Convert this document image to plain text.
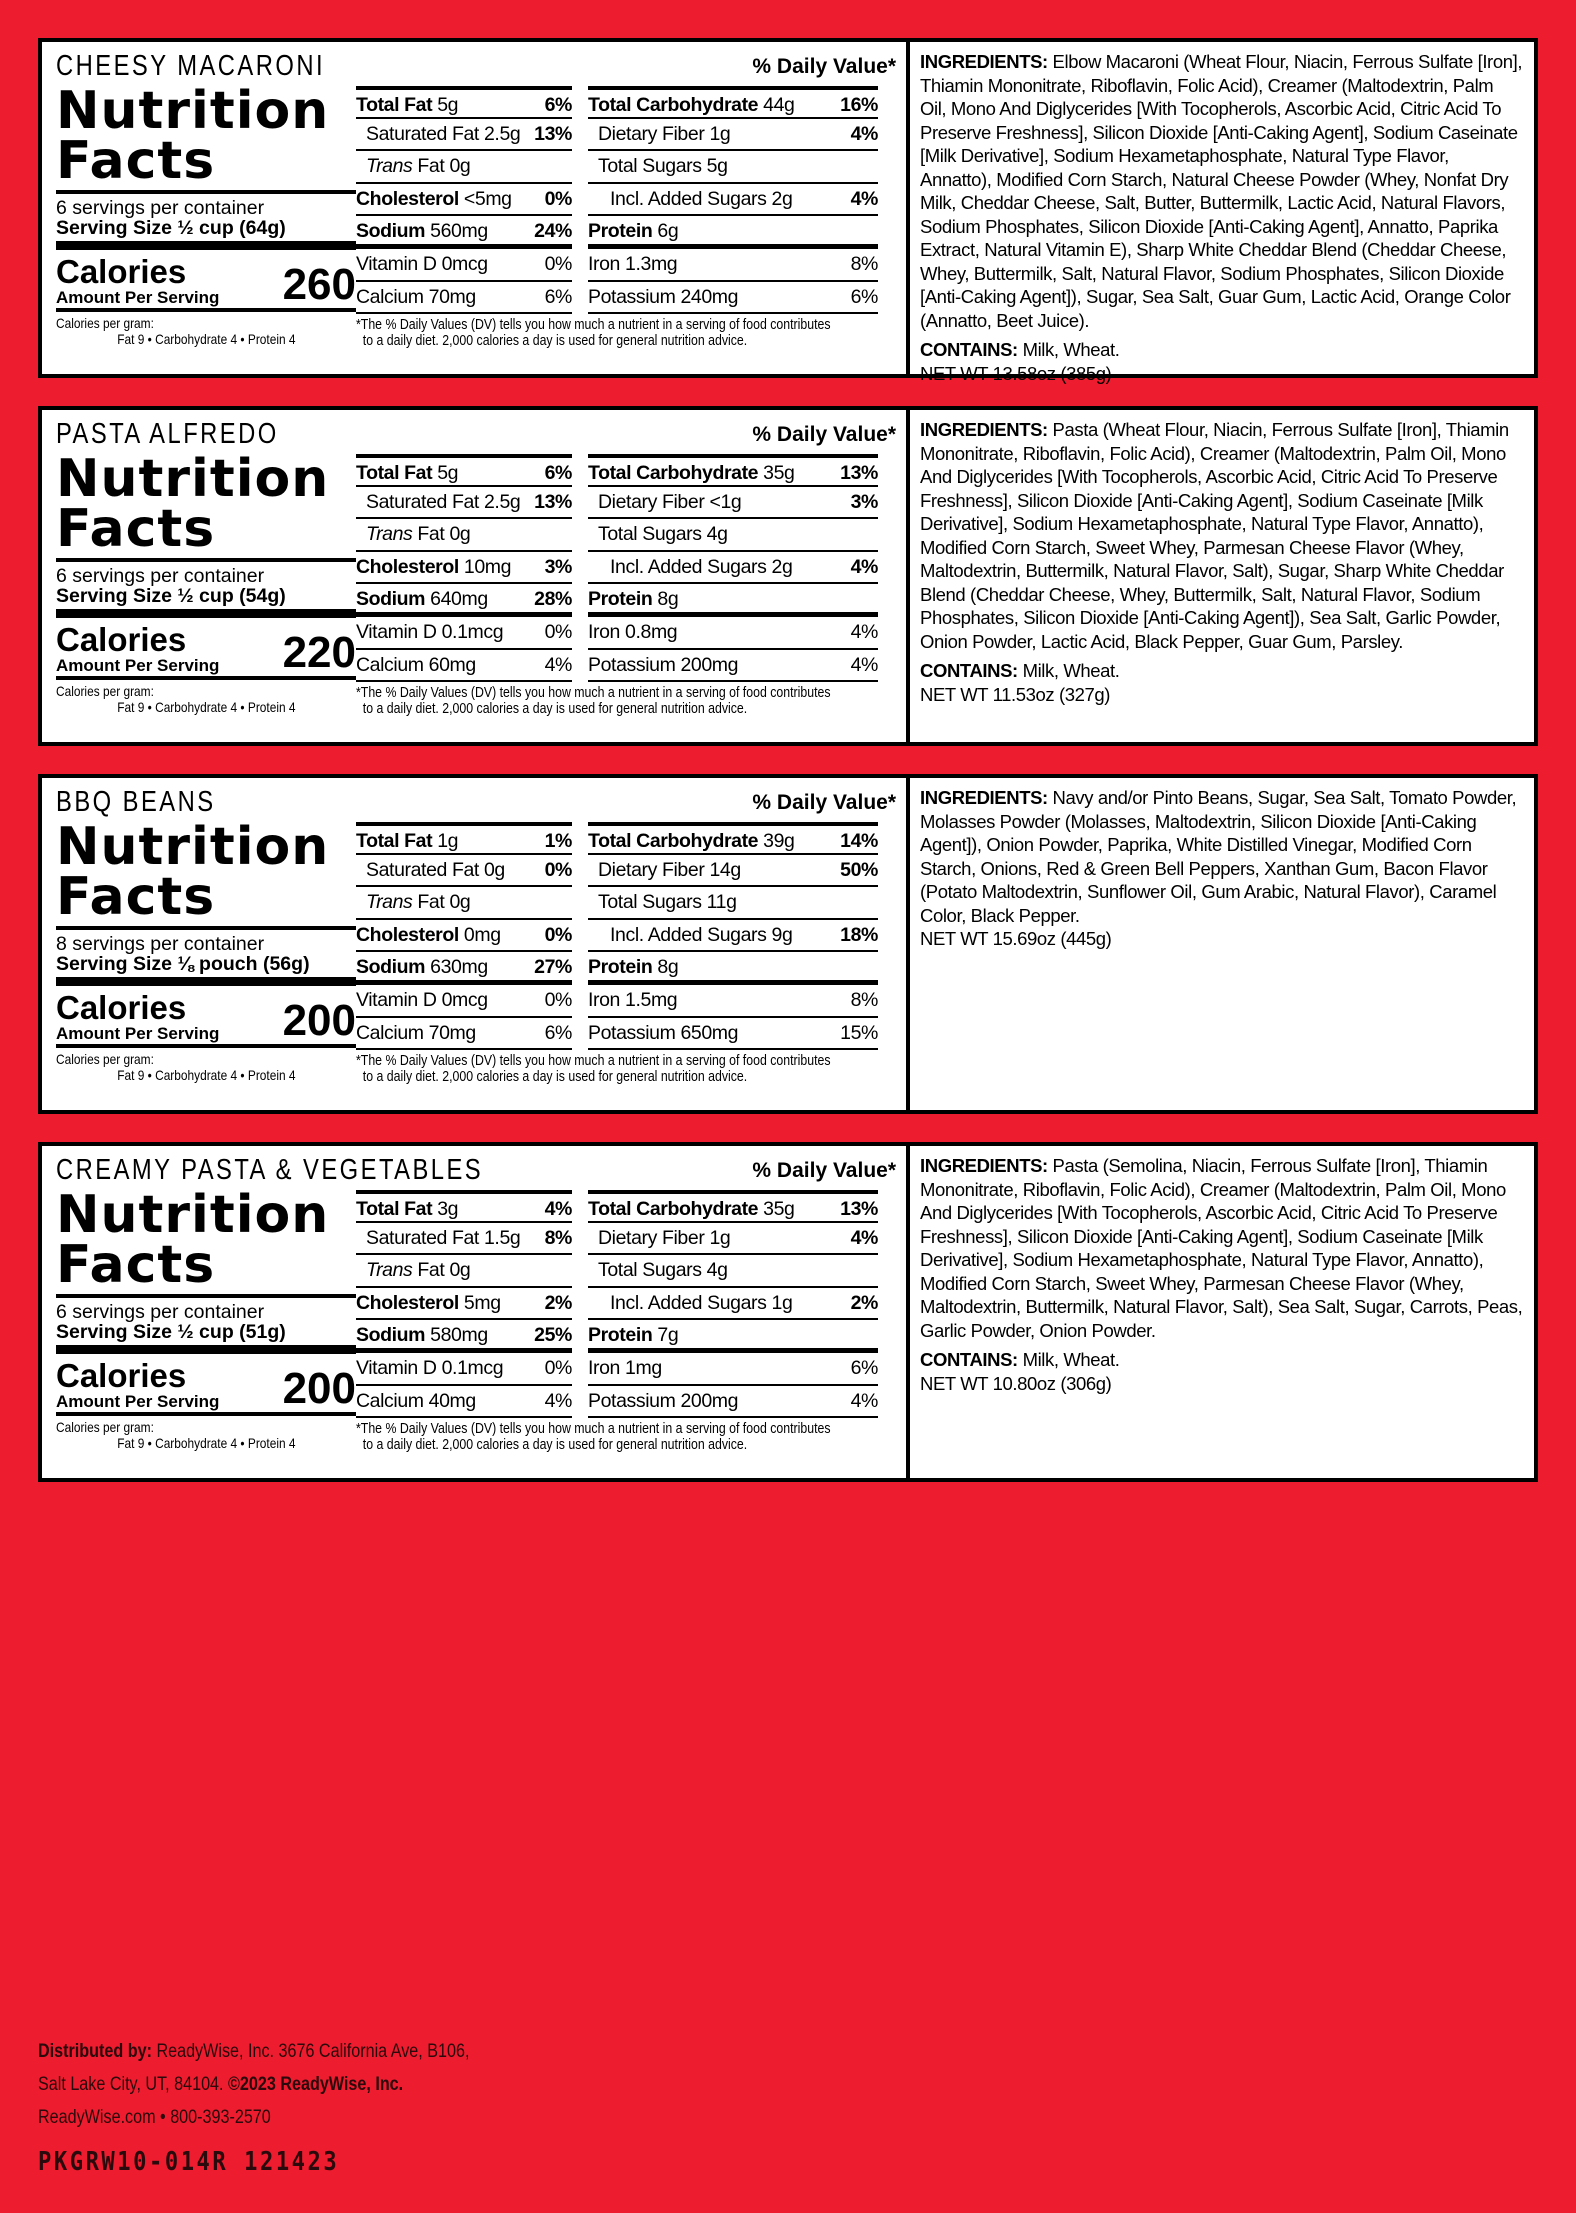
CHEESY MACARONI	% Daily Value*
Nutrition
Facts
6 servings per container
Serving Size ½ cup (64g)
Calories
Amount Per Serving 260
Calories per gram:
Fat 9 • Carbohydrate 4 • Protein 4
Total Fat 5g	6%
Saturated Fat 2.5g 13%
Trans Fat 0g
Cholesterol <5mg 0%
Sodium 560mg 24%
Vitamin D 0mcg	0%
Calcium 70mg	6%
Total Carbohydrate 44g 16%
Dietary Fiber 1g	4%
Total Sugars 5g
Incl. Added Sugars 2g	4%
Protein 6g
Iron 1.3mg	8%
Potassium 240mg	6%
*The % Daily Values (DV) tells you how much a nutrient in a serving of food contributes
to a daily diet. 2,000 calories a day is used for general nutrition advice.

INGREDIENTS: Elbow Macaroni (Wheat Flour, Niacin, Ferrous Sulfate [Iron], Thiamin Mononitrate, Riboflavin, Folic Acid), Creamer (Maltodextrin, Palm Oil, Mono And Diglycerides [With Tocopherols, Ascorbic Acid, Citric Acid To Preserve Freshness], Silicon Dioxide [Anti-Caking Agent], Sodium Caseinate [Milk Derivative], Sodium Hexametaphosphate, Natural Type Flavor, Annatto), Modified Corn Starch, Natural Cheese Powder (Whey, Nonfat Dry Milk, Cheddar Cheese, Salt, Butter, Buttermilk, Lactic Acid, Natural Flavors, Sodium Phosphates, Silicon Dioxide [Anti-Caking Agent], Annatto, Paprika Extract, Natural Vitamin E), Sharp White Cheddar Blend (Cheddar Cheese, Whey, Buttermilk, Salt, Natural Flavor, Sodium Phosphates, Silicon Dioxide [Anti-Caking Agent]), Sugar, Sea Salt, Guar Gum, Lactic Acid, Orange Color (Annatto, Beet Juice).

CONTAINS: Milk, Wheat.

NET WT 13.58oz (385g)

PASTA ALFREDO	% Daily Value*
Nutrition
Facts
6 servings per container
Serving Size ½ cup (54g)
Calories
Amount Per Serving 220
Calories per gram:
Fat 9 • Carbohydrate 4 • Protein 4
Total Fat 5g	6%
Saturated Fat 2.5g 13%
Trans Fat 0g
Cholesterol 10mg 3%
Sodium 640mg 28%
Vitamin D 0.1mcg 0%
Calcium 60mg	4%
Total Carbohydrate 35g 13%
Dietary Fiber <1g	3%
Total Sugars 4g
Incl. Added Sugars 2g	4%
Protein 8g
Iron 0.8mg	4%
Potassium 200mg	4%
*The % Daily Values (DV) tells you how much a nutrient in a serving of food contributes
to a daily diet. 2,000 calories a day is used for general nutrition advice.

INGREDIENTS: Pasta (Wheat Flour, Niacin, Ferrous Sulfate [Iron], Thiamin Mononitrate, Riboflavin, Folic Acid), Creamer (Maltodextrin, Palm Oil, Mono And Diglycerides [With Tocopherols, Ascorbic Acid, Citric Acid To Preserve Freshness], Silicon Dioxide [Anti-Caking Agent], Sodium Caseinate [Milk Derivative], Sodium Hexametaphosphate, Natural Type Flavor, Annatto), Modified Corn Starch, Sweet Whey, Parmesan Cheese Flavor (Whey, Maltodextrin, Buttermilk, Natural Flavor, Salt), Sugar, Sharp White Cheddar Blend (Cheddar Cheese, Whey, Buttermilk, Salt, Natural Flavor, Sodium Phosphates, Silicon Dioxide [Anti-Caking Agent]), Sea Salt, Garlic Powder, Onion Powder, Lactic Acid, Black Pepper, Guar Gum, Parsley.

CONTAINS: Milk, Wheat.

NET WT 11.53oz (327g)

BBQ BEANS	% Daily Value*
Nutrition
Facts
8 servings per container
Serving Size ⅛ pouch (56g)
Calories
Amount Per Serving 200
Calories per gram:
Fat 9 • Carbohydrate 4 • Protein 4
Total Fat 1g	1%
Saturated Fat 0g 0%
Trans Fat 0g
Cholesterol 0mg 0%
Sodium 630mg 27%
Vitamin D 0mcg	0%
Calcium 70mg	6%
Total Carbohydrate 39g 14%
Dietary Fiber 14g	50%
Total Sugars 11g
Incl. Added Sugars 9g 18%
Protein 8g
Iron 1.5mg	8%
Potassium 650mg	15%
*The % Daily Values (DV) tells you how much a nutrient in a serving of food contributes
to a daily diet. 2,000 calories a day is used for general nutrition advice.

INGREDIENTS: Navy and/or Pinto Beans, Sugar, Sea Salt, Tomato Powder, Molasses Powder (Molasses, Maltodextrin, Silicon Dioxide [Anti-Caking Agent]), Onion Powder, Paprika, White Distilled Vinegar, Modified Corn Starch, Onions, Red & Green Bell Peppers, Xanthan Gum, Bacon Flavor (Potato Maltodextrin, Sunflower Oil, Gum Arabic, Natural Flavor), Caramel Color, Black Pepper.

NET WT 15.69oz (445g)

CREAMY PASTA & VEGETABLES	% Daily Value*
Nutrition
Facts
6 servings per container
Serving Size ½ cup (51g)
Calories
Amount Per Serving 200
Calories per gram:
Fat 9 • Carbohydrate 4 • Protein 4
Total Fat 3g	4%
Saturated Fat 1.5g 8%
Trans Fat 0g
Cholesterol 5mg 2%
Sodium 580mg 25%
Vitamin D 0.1mcg 0%
Calcium 40mg	4%
Total Carbohydrate 35g 13%
Dietary Fiber 1g	4%
Total Sugars 4g
Incl. Added Sugars 1g	2%
Protein 7g
Iron 1mg	6%
Potassium 200mg	4%
*The % Daily Values (DV) tells you how much a nutrient in a serving of food contributes
to a daily diet. 2,000 calories a day is used for general nutrition advice.

INGREDIENTS: Pasta (Semolina, Niacin, Ferrous Sulfate [Iron], Thiamin Mononitrate, Riboflavin, Folic Acid), Creamer (Maltodextrin, Palm Oil, Mono And Diglycerides [With Tocopherols, Ascorbic Acid, Citric Acid To Preserve Freshness], Silicon Dioxide [Anti-Caking Agent], Sodium Caseinate [Milk Derivative], Sodium Hexametaphosphate, Natural Type Flavor, Annatto), Modified Corn Starch, Sweet Whey, Parmesan Cheese Flavor (Whey, Maltodextrin, Buttermilk, Natural Flavor, Salt), Sea Salt, Sugar, Carrots, Peas, Garlic Powder, Onion Powder.

CONTAINS: Milk, Wheat.

NET WT 10.80oz (306g)

Distributed by: ReadyWise, Inc. 3676 California Ave, B106,
Salt Lake City, UT, 84104. ©2023 ReadyWise, Inc.
ReadyWise.com • 800-393-2570
PKGRW10-014R 121423
